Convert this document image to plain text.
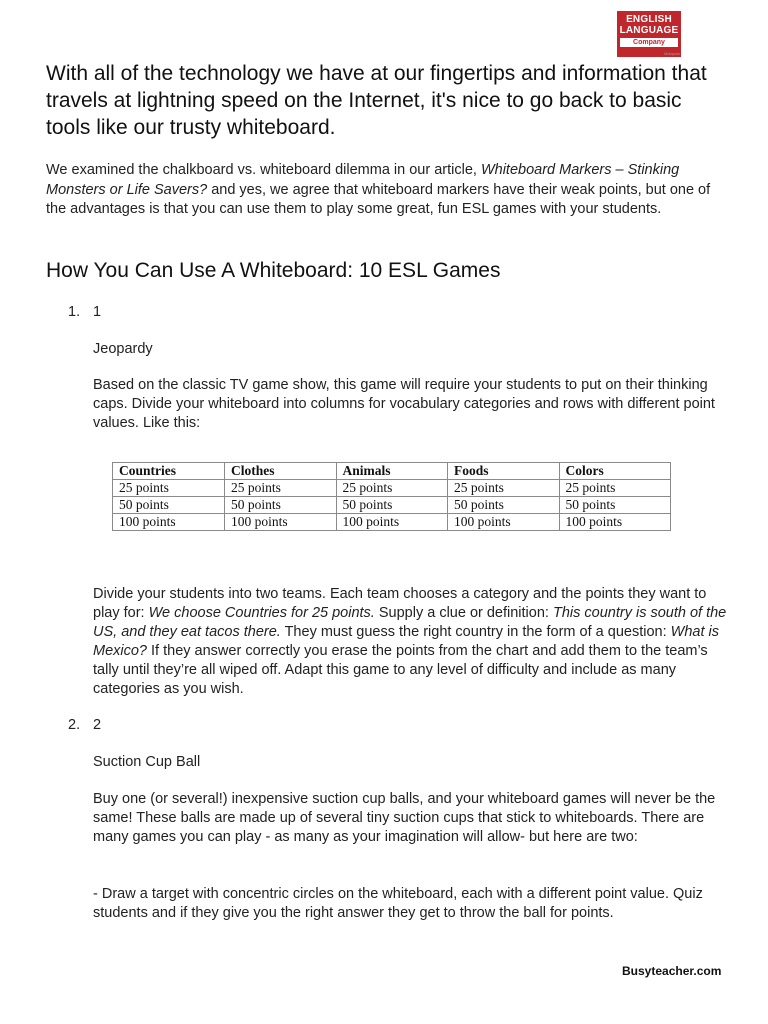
ENGLISH
LANGUAGE
Company
Malaysia

With all of the technology we have at our fingertips and information that travels at lightning speed on the Internet, it's nice to go back to basic tools like our trusty whiteboard.

We examined the chalkboard vs. whiteboard dilemma in our article, Whiteboard Markers – Stinking Monsters or Life Savers? and yes, we agree that whiteboard markers have their weak points, but one of the advantages is that you can use them to play some great, fun ESL games with your students.

How You Can Use A Whiteboard: 10 ESL Games
1. 1

Jeopardy

Based on the classic TV game show, this game will require your students to put on their thinking caps. Divide your whiteboard into columns for vocabulary categories and rows with different point values. Like this:

Countries	Clothes	Animals	Foods	Colors
25 points	25 points	25 points	25 points	25 points
50 points	50 points	50 points	50 points	50 points
100 points	100 points	100 points	100 points	100 points

Divide your students into two teams. Each team chooses a category and the points they want to play for: We choose Countries for 25 points. Supply a clue or definition: This country is south of the US, and they eat tacos there. They must guess the right country in the form of a question: What is Mexico? If they answer correctly you erase the points from the chart and add them to the team’s tally until they’re all wiped off. Adapt this game to any level of difficulty and include as many categories as you wish.

2. 2

Suction Cup Ball

Buy one (or several!) inexpensive suction cup balls, and your whiteboard games will never be the same! These balls are made up of several tiny suction cups that stick to whiteboards. There are many games you can play - as many as your imagination will allow- but here are two:

- Draw a target with concentric circles on the whiteboard, each with a different point value. Quiz students and if they give you the right answer they get to throw the ball for points.

Busyteacher.com
